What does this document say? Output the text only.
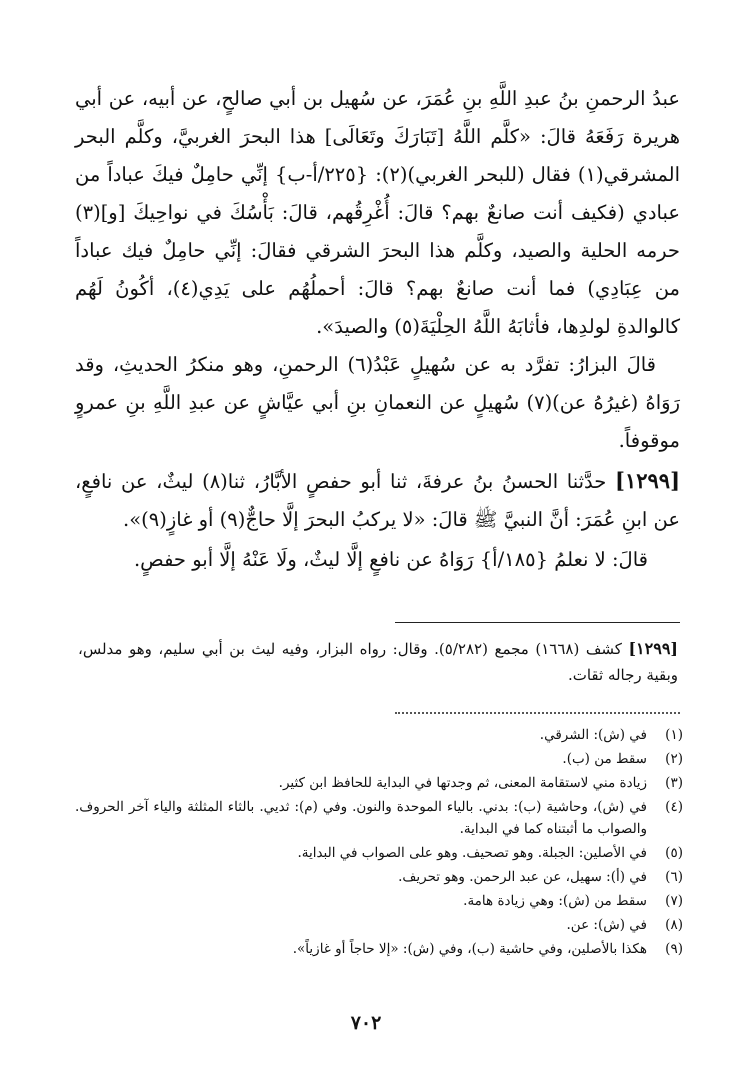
عبدُ الرحمنِ بنُ عبدِ اللَّهِ بنِ عُمَرَ، عن سُهيل بن أبي صالحٍ، عن أبيه، عن أبي هريرة رَفَعَهُ قالَ: «كلَّم اللَّهُ [تَبَارَكَ وتَعَالَى] هذا البحرَ الغربيَّ، وكلَّم البحر المشرقي(١) فقال (للبحر الغربي)(٢): {٢٢٥/أ-ب} إنِّي حامِلٌ فيكَ عباداً من عبادي (فكيف أنت صانعٌ بهم؟ قالَ: أُغْرِقُهم، قالَ: بَأْسُكَ في نواحِيكَ [و](٣) حرمه الحلية والصيد، وكلَّم هذا البحرَ الشرقي فقالَ: إنِّي حامِلٌ فيك عباداً من عِبَادِي) فما أنت صانعٌ بهم؟ قالَ: أحملُهُم على يَدِي(٤)، أكُونُ لَهُم كالوالدةِ لولدِها، فأثابَهُ اللَّهُ الحِلْيَةَ(٥) والصيدَ».

قالَ البزارُ: تفرَّد به عن سُهيلٍ عَبْدُ(٦) الرحمنِ، وهو منكرُ الحديثِ، وقد رَوَاهُ (غيرُهُ عن)(٧) سُهيلٍ عن النعمانِ بنِ أبي عيَّاشٍ عن عبدِ اللَّهِ بنِ عمروٍ موقوفاً.

[١٢٩٩] حدَّثنا الحسنُ بنُ عرفةَ، ثنا أبو حفصٍ الأبَّارُ، ثنا(٨) ليثٌ، عن نافعٍ، عن ابنِ عُمَرَ: أنَّ النبيَّ ﷺ قالَ: «لا يركبُ البحرَ إلَّا حاجٌّ(٩) أو غازٍ(٩)».

قالَ: لا نعلمُ {١٨٥/أ} رَوَاهُ عن نافعٍ إلَّا ليثٌ، ولَا عَنْهُ إلَّا أبو حفصٍ.

[١٢٩٩] كشف (١٦٦٨) مجمع (٥/٢٨٢). وقال: رواه البزار، وفيه ليث بن أبي سليم، وهو مدلس، وبقية رجاله ثقات.

(١)
في (ش): الشرقي.
(٢)
سقط من (ب).
(٣)
زيادة مني لاستقامة المعنى، ثم وجدتها في البداية للحافظ ابن كثير.
(٤)
في (ش)، وحاشية (ب): بدني. بالياء الموحدة والنون. وفي (م): ثديي. بالثاء المثلثة والياء آخر الحروف. والصواب ما أثبتناه كما في البداية.
(٥)
في الأصلين: الجبلة. وهو تصحيف. وهو على الصواب في البداية.
(٦)
في (أ): سهيل، عن عبد الرحمن. وهو تحريف.
(٧)
سقط من (ش): وهي زيادة هامة.
(٨)
في (ش): عن.
(٩)
هكذا بالأصلين، وفي حاشية (ب)، وفي (ش): «إلا حاجاً أو غازياً».
٧٠٢
